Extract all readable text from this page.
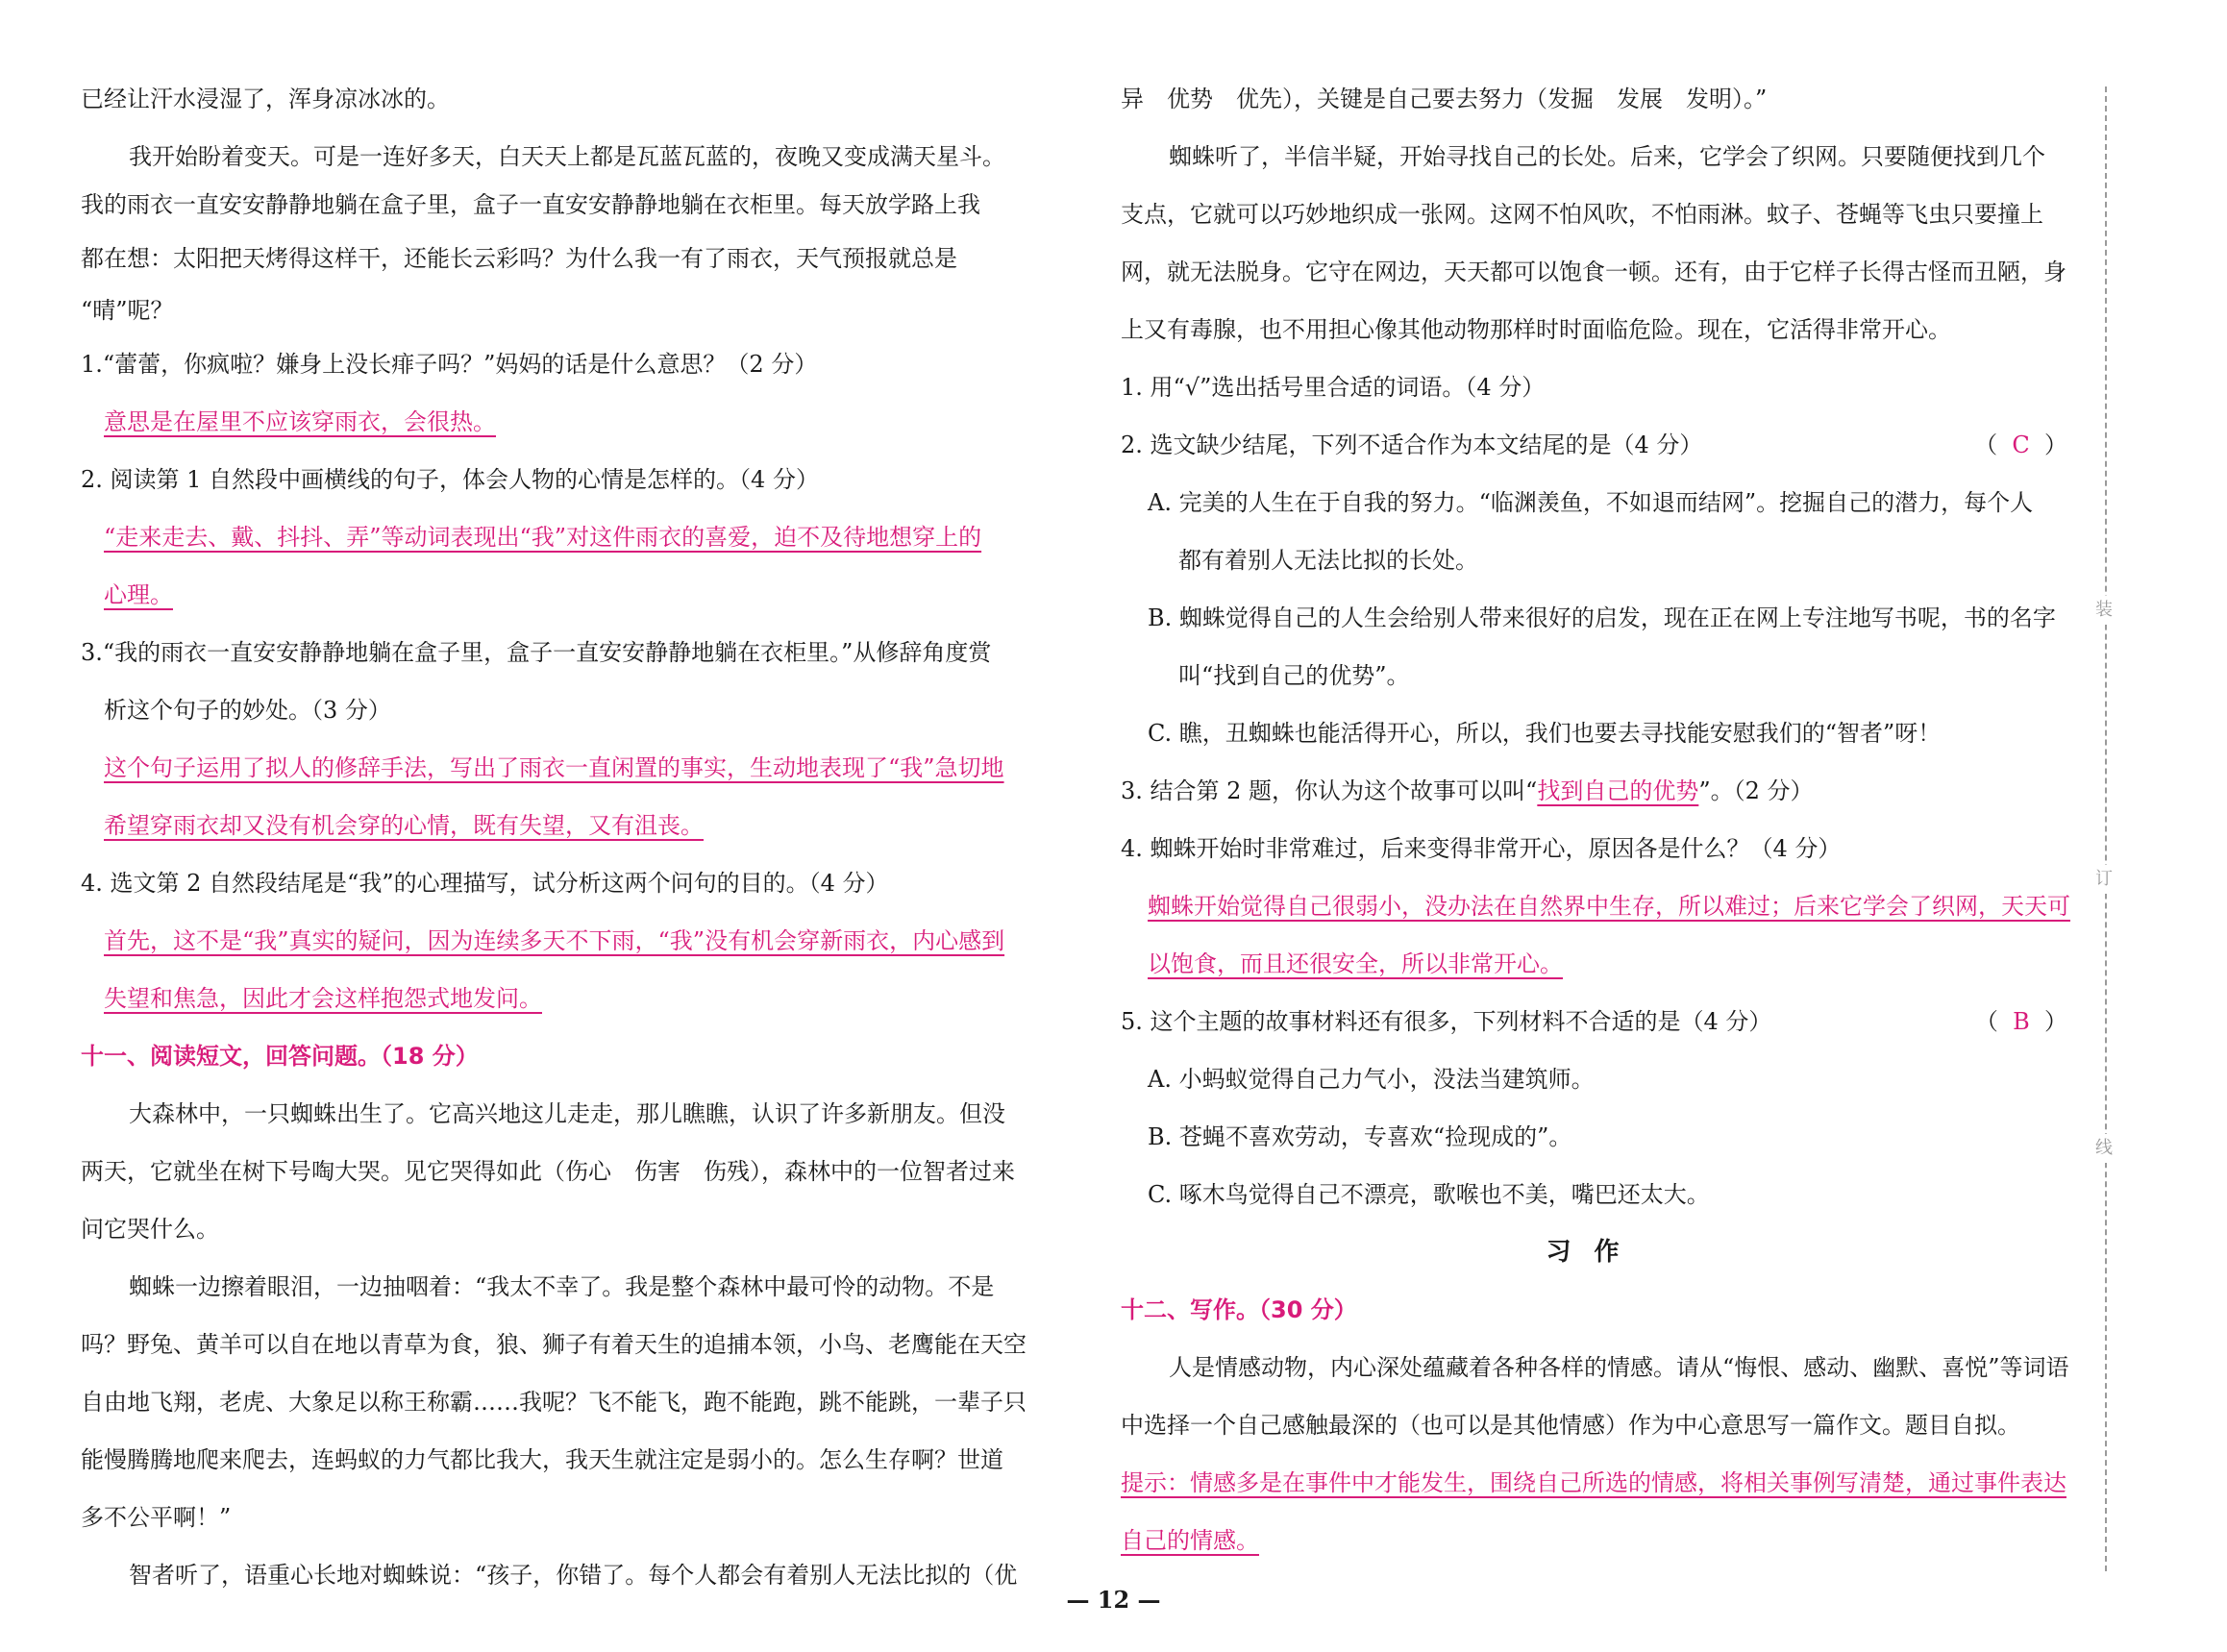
已经让汗水浸湿了，浑身凉冰冰的。
我开始盼着变天。可是一连好多天，白天天上都是瓦蓝瓦蓝的，夜晚又变成满天星斗。
我的雨衣一直安安静静地躺在盒子里，盒子一直安安静静地躺在衣柜里。每天放学路上我
都在想：太阳把天烤得这样干，还能长云彩吗？为什么我一有了雨衣，天气预报就总是
“晴”呢？
1.“蕾蕾，你疯啦？嫌身上没长痱子吗？”妈妈的话是什么意思？（2 分）
意思是在屋里不应该穿雨衣，会很热。
2. 阅读第 1 自然段中画横线的句子，体会人物的心情是怎样的。（4 分）
“走来走去、戴、抖抖、弄”等动词表现出“我”对这件雨衣的喜爱，迫不及待地想穿上的
心理。
3.“我的雨衣一直安安静静地躺在盒子里，盒子一直安安静静地躺在衣柜里。”从修辞角度赏
析这个句子的妙处。（3 分）
这个句子运用了拟人的修辞手法，写出了雨衣一直闲置的事实，生动地表现了“我”急切地
希望穿雨衣却又没有机会穿的心情，既有失望，又有沮丧。
4. 选文第 2 自然段结尾是“我”的心理描写，试分析这两个问句的目的。（4 分）
首先，这不是“我”真实的疑问，因为连续多天不下雨，“我”没有机会穿新雨衣，内心感到
失望和焦急，因此才会这样抱怨式地发问。
十一、阅读短文，回答问题。（18 分）
大森林中，一只蜘蛛出生了。它高兴地这儿走走，那儿瞧瞧，认识了许多新朋友。但没
两天，它就坐在树下号啕大哭。见它哭得如此（伤心　伤害　伤残），森林中的一位智者过来
问它哭什么。
蜘蛛一边擦着眼泪，一边抽咽着：“我太不幸了。我是整个森林中最可怜的动物。不是
吗？野兔、黄羊可以自在地以青草为食，狼、狮子有着天生的追捕本领，小鸟、老鹰能在天空
自由地飞翔，老虎、大象足以称王称霸……我呢？飞不能飞，跑不能跑，跳不能跳，一辈子只
能慢腾腾地爬来爬去，连蚂蚁的力气都比我大，我天生就注定是弱小的。怎么生存啊？世道
多不公平啊！”
智者听了，语重心长地对蜘蛛说：“孩子，你错了。每个人都会有着别人无法比拟的（优
异　优势　优先），关键是自己要去努力（发掘　发展　发明）。”
蜘蛛听了，半信半疑，开始寻找自己的长处。后来，它学会了织网。只要随便找到几个
支点，它就可以巧妙地织成一张网。这网不怕风吹，不怕雨淋。蚊子、苍蝇等飞虫只要撞上
网，就无法脱身。它守在网边，天天都可以饱食一顿。还有，由于它样子长得古怪而丑陋，身
上又有毒腺，也不用担心像其他动物那样时时面临危险。现在，它活得非常开心。
1. 用“√”选出括号里合适的词语。（4 分）
2. 选文缺少结尾，下列不适合作为本文结尾的是（4 分）	（ C ）
A. 完美的人生在于自我的努力。“临渊羡鱼，不如退而结网”。挖掘自己的潜力，每个人
都有着别人无法比拟的长处。
B. 蜘蛛觉得自己的人生会给别人带来很好的启发，现在正在网上专注地写书呢，书的名字
叫“找到自己的优势”。
C. 瞧，丑蜘蛛也能活得开心，所以，我们也要去寻找能安慰我们的“智者”呀！
3. 结合第 2 题，你认为这个故事可以叫“找到自己的优势”。（2 分）
4. 蜘蛛开始时非常难过，后来变得非常开心，原因各是什么？（4 分）
蜘蛛开始觉得自己很弱小，没办法在自然界中生存，所以难过；后来它学会了织网，天天可
以饱食，而且还很安全，所以非常开心。
5. 这个主题的故事材料还有很多，下列材料不合适的是（4 分）	（ B ）
A. 小蚂蚁觉得自己力气小，没法当建筑师。
B. 苍蝇不喜欢劳动，专喜欢“捡现成的”。
C. 啄木鸟觉得自己不漂亮，歌喉也不美，嘴巴还太大。
习作
十二、写作。（30 分）
人是情感动物，内心深处蕴藏着各种各样的情感。请从“悔恨、感动、幽默、喜悦”等词语
中选择一个自己感触最深的（也可以是其他情感）作为中心意思写一篇作文。题目自拟。
提示：情感多是在事件中才能发生，围绕自己所选的情感，将相关事例写清楚，通过事件表达
自己的情感。
装
订
线
— 12 —
